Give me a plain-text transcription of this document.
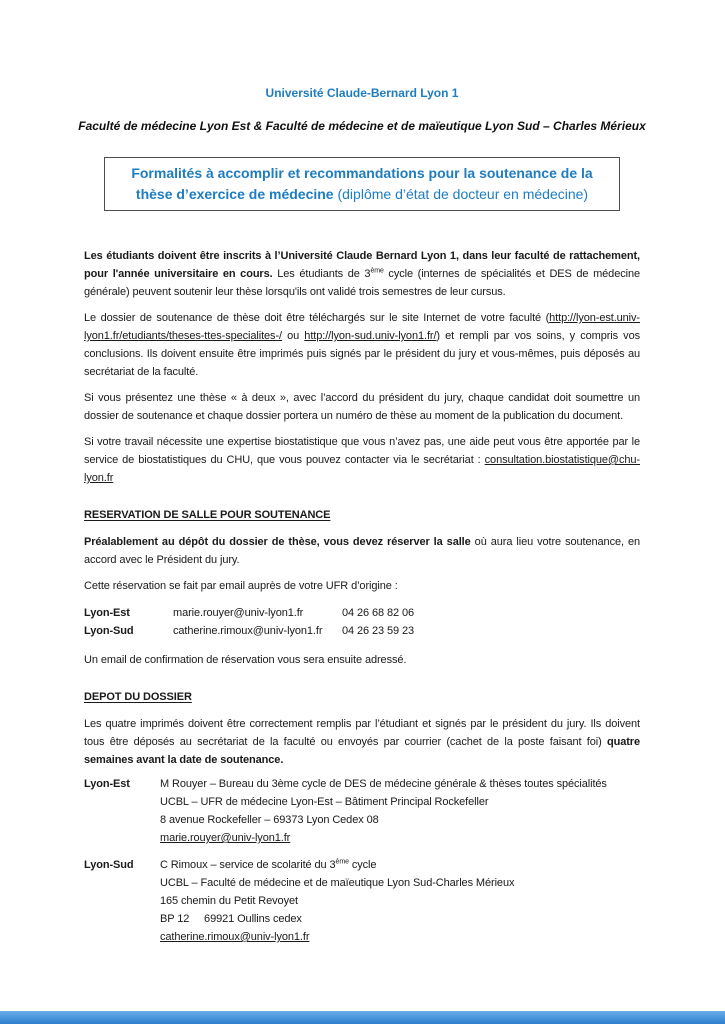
Université Claude-Bernard Lyon 1
Faculté de médecine Lyon Est & Faculté de médecine et de maïeutique Lyon Sud – Charles Mérieux
Formalités à accomplir et recommandations pour la soutenance de la
thèse d’exercice de médecine (diplôme d’état de docteur en médecine)

Les étudiants doivent être inscrits à l’Université Claude Bernard Lyon 1, dans leur faculté de rattachement, pour l'année universitaire en cours. Les étudiants de 3ème cycle (internes de spécialités et DES de médecine générale) peuvent soutenir leur thèse lorsqu'ils ont validé trois semestres de leur cursus.

Le dossier de soutenance de thèse doit être téléchargés sur le site Internet de votre faculté (http://lyon-est.univ-lyon1.fr/etudiants/theses-ttes-specialites-/ ou http://lyon-sud.univ-lyon1.fr/) et rempli par vos soins, y compris vos conclusions. Ils doivent ensuite être imprimés puis signés par le président du jury et vous-mêmes, puis déposés au secrétariat de la faculté.

Si vous présentez une thèse « à deux », avec l’accord du président du jury, chaque candidat doit soumettre un dossier de soutenance et chaque dossier portera un numéro de thèse au moment de la publication du document.

Si votre travail nécessite une expertise biostatistique que vous n’avez pas, une aide peut vous être apportée par le service de biostatistiques du CHU, que vous pouvez contacter via le secrétariat : consultation.biostatistique@chu-lyon.fr

RESERVATION DE SALLE POUR SOUTENANCE

Préalablement au dépôt du dossier de thèse, vous devez réserver la salle où aura lieu votre soutenance, en accord avec le Président du jury.

Cette réservation se fait par email auprès de votre UFR d’origine :

Lyon-Est	marie.rouyer@univ-lyon1.fr	04 26 68 82 06
Lyon-Sud	catherine.rimoux@univ-lyon1.fr	04 26 23 59 23

Un email de confirmation de réservation vous sera ensuite adressé.

DEPOT DU DOSSIER

Les quatre imprimés doivent être correctement remplis par l’étudiant et signés par le président du jury. Ils doivent tous être déposés au secrétariat de la faculté ou envoyés par courrier (cachet de la poste faisant foi) quatre semaines avant la date de soutenance.

Lyon-Est	M Rouyer – Bureau du 3ème cycle de DES de médecine générale & thèses toutes spécialités
UCBL – UFR de médecine Lyon-Est – Bâtiment Principal Rockefeller
8 avenue Rockefeller – 69373 Lyon Cedex 08
marie.rouyer@univ-lyon1.fr
Lyon-Sud	C Rimoux – service de scolarité du 3ème cycle
UCBL – Faculté de médecine et de maïeutique Lyon Sud-Charles Mérieux
165 chemin du Petit Revoyet
BP 12     69921 Oullins cedex
catherine.rimoux@univ-lyon1.fr
